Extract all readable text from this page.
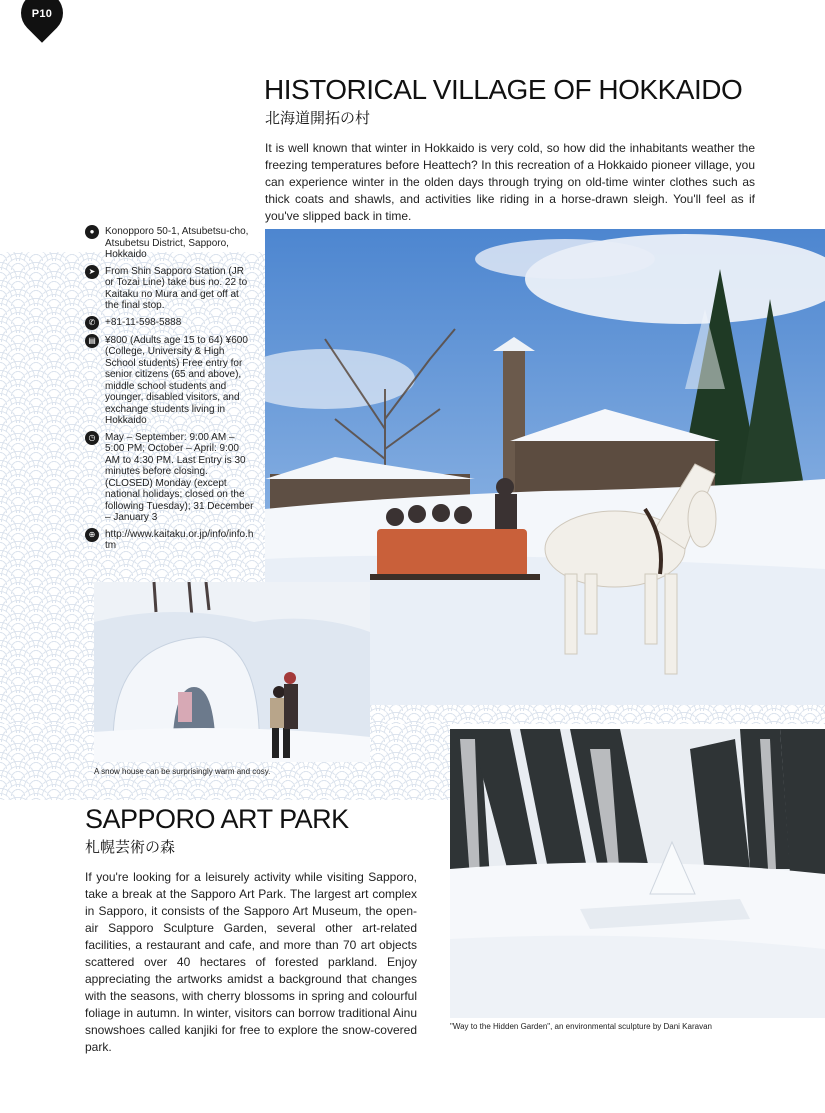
P10
HISTORICAL VILLAGE OF HOKKAIDO
北海道開拓の村

It is well known that winter in Hokkaido is very cold, so how did the inhabitants weather the freezing temperatures before Heattech? In this recreation of a Hokkaido pioneer village, you can experience winter in the olden days through trying on old-time winter clothes such as thick coats and shawls, and activities like riding in a horse-drawn sleigh. You'll feel as if you've slipped back in time.

●	Konopporo 50-1, Atsubetsu-cho, Atsubetsu District, Sapporo, Hokkaido
➤ From Shin Sapporo Station (JR or Tozai Line) take bus no. 22 to Kaitaku no Mura and get off at the final stop.
✆ +81-11-598-5888
▤ ¥800 (Adults age 15 to 64) ¥600 (College, University & High School students) Free entry for senior citizens (65 and above), middle school students and younger, disabled visitors, and exchange students living in Hokkaido
◷ May – September: 9:00 AM – 5:00 PM; October – April: 9:00 AM to 4:30 PM. Last Entry is 30 minutes before closing. (CLOSED) Monday (except national holidays; closed on the following Tuesday); 31 December – January 3
⊕ http://www.kaitaku.or.jp/info/info.htm
A snow house can be surprisingly warm and cosy.
SAPPORO ART PARK
札幌芸術の森

If you're looking for a leisurely activity while visiting Sapporo, take a break at the Sapporo Art Park. The largest art complex in Sapporo, it consists of the Sapporo Art Museum, the open-air Sapporo Sculpture Garden, several other art-related facilities, a restaurant and cafe, and more than 70 art objects scattered over 40 hectares of forested parkland. Enjoy appreciating the artworks amidst a background that changes with the seasons, with cherry blossoms in spring and colourful foliage in autumn. In winter, visitors can borrow traditional Ainu snowshoes called kanjiki for free to explore the snow-covered park.

"Way to the Hidden Garden", an environmental sculpture by Dani Karavan
